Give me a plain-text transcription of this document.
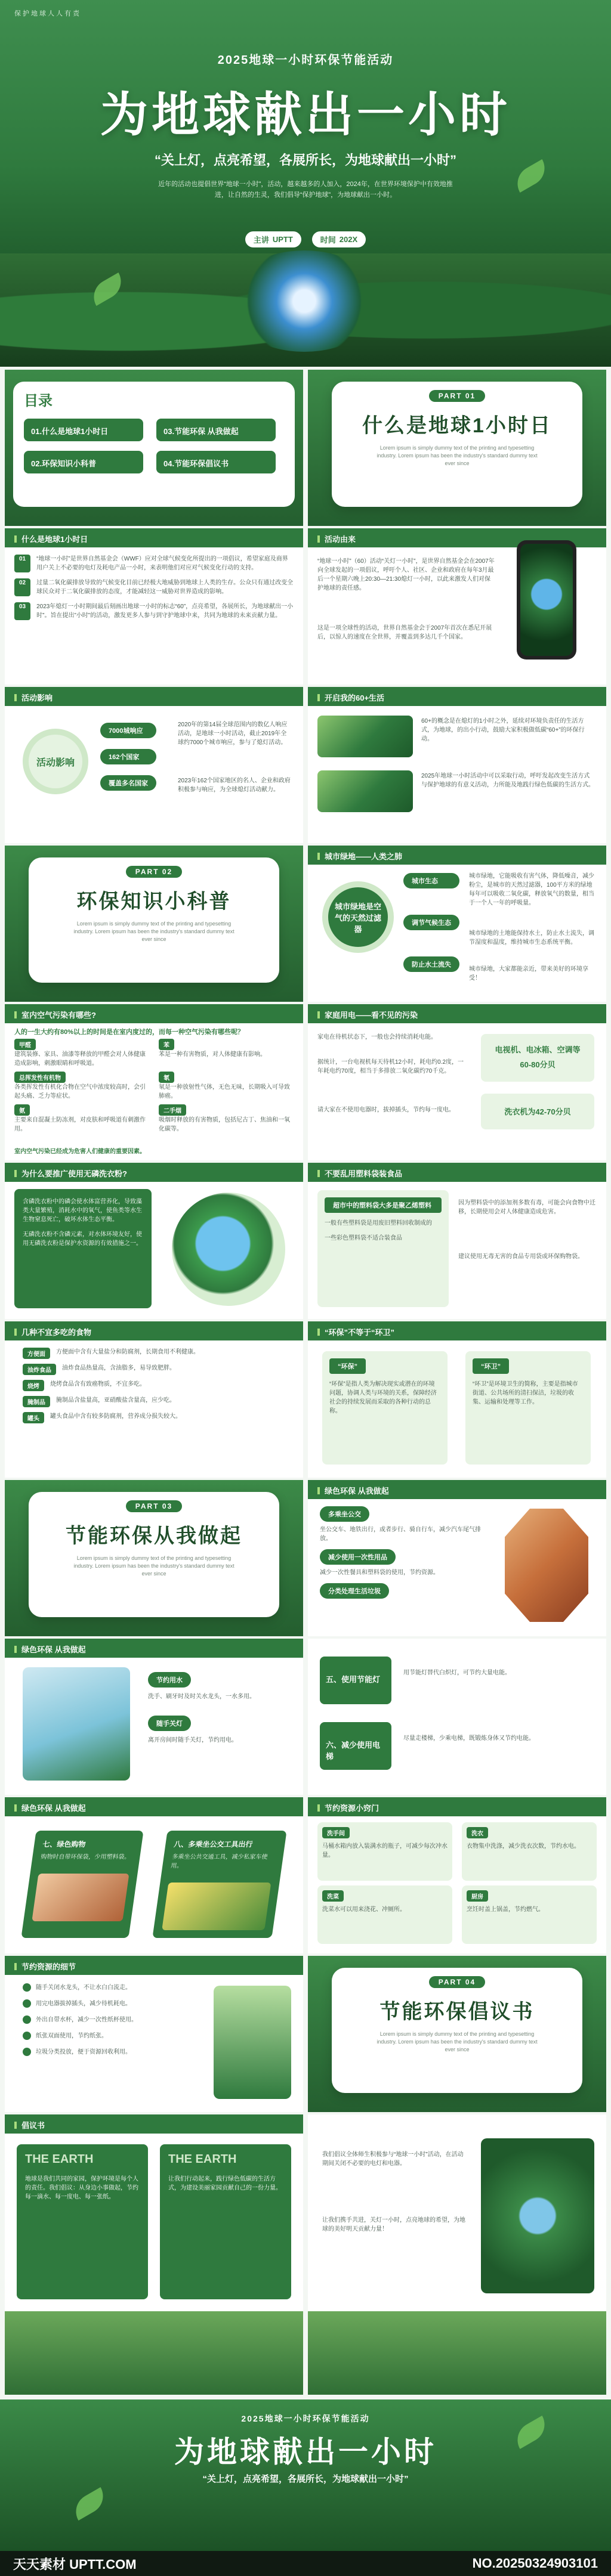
保护地球人人有责
2025地球一小时环保节能活动
为地球献出一小时
“关上灯，点亮希望，各展所长，为地球献出一小时”
近年的活动也提倡世界“地球一小时”，活动，越来越多的人加入，2024年，在世界环境保护中有效地推进，让自然的生灵，我们倡导“保护地球”，为地球献出一小时。
主讲 UPTT	时间 202X
目录
01.什么是地球1小时日	03.节能环保 从我做起
02.环保知识小科普	04.节能环保倡议书
PART 01
什么是地球1小时日
Lorem ipsum is simply dummy text of the printing and typesetting industry. Lorem ipsum has been the industry's standard dummy text ever since
什么是地球1小时日
01	“地球一小时”是世界自然基金会（WWF）应对全球气候变化所提出的一项倡议，希望家庭及商界用户关上不必要的电灯及耗电产品一小时，来表明他们对应对气候变化行动的支持。
02	过量二氧化碳排放导致的气候变化目前已经极大地威胁到地球上人类的生存。公众只有通过改变全球民众对于二氧化碳排放的态度，才能减轻这一威胁对世界造成的影响。
03	2023年熄灯一小时期间最后刻画出地球一小时的标志“60”，点亮希望，各展所长，为地球献出一小时”。旨在提出”小时”的活动，激发更多人参与到守护地球中来，共同为地球的未来贡献力量。
活动由来
“地球一小时”（60）活动“关灯一小时”，是世界自然基金会在2007年向全球发起的一项倡议，呼吁个人、社区、企业和政府在每年3月最后一个星期六晚上20:30—21:30熄灯一小时，以此来激发人们对保护地球的责任感。
这是一项全球性的活动，世界自然基金会于2007年首次在悉尼开展后，以惊人的速度在全世界，并覆盖到多达几千个国家。
活动影响
活动影响
7000城响应
162个国家
覆盖多名国家
2020年的第14届全球范围内的数亿人响应活动，是地球一小时活动，截止2019年全球约7000个城市响应，参与了熄灯活动。
2023年162个国家地区的名人、企业和政府积极参与响应，为全球熄灯活动献力。
开启我的60+生活
60+的概念是在熄灯的1小时之外，延续对环境负责任的生活方式，为地球，的出小行动，鼓励大家积极做低碳“60+”的环保行动。
2025年地球一小时活动中可以采取行动，呼吁发起改变生活方式与保护地球的有意义活动，力所能及地践行绿色低碳的生活方式。
PART 02
环保知识小科普
Lorem ipsum is simply dummy text of the printing and typesetting industry. Lorem ipsum has been the industry's standard dummy text ever since
城市绿地——人类之肺
城市绿地是空气的天然过滤器
城市生态
调节气候生态
防止水土流失
城市绿地，它能吸收有害气体，降低噪音，减少粉尘，是城市的天然过滤器，100平方米的绿地每年可以吸收二氧化碳，释放氧气的数量，相当于一个人一年的呼吸量。
城市绿地的土地能保持水土，防止水土流失，调节湿度和温度，维持城市生态系统平衡。
城市绿地，大家都能亲近，带来美好的环境享受！
室内空气污染有哪些?
人的一生大约有80%以上的时间是在室内度过的，而每一种空气污染有哪些呢？
甲醛
建筑装修、家具、油漆等释放的甲醛会对人体健康造成影响，刺激眼睛和呼吸道。
苯
苯是一种有害物质，对人体健康有影响。
总挥发性有机物
各类挥发性有机化合物在空气中浓度较高时，会引起头痛、乏力等症状。
氡
氡是一种放射性气体，无色无味，长期吸入可导致肺癌。
氨
主要来自混凝土防冻剂，对皮肤和呼吸道有刺激作用。
二手烟
吸烟时释放的有害物质，包括尼古丁、焦油和一氧化碳等。
室内空气污染已经成为危害人们健康的重要因素。
家庭用电——看不见的污染
家电在待机状态下，一般也会持续消耗电能。
据统计，一台电视机每天待机12小时，耗电约0.2度，一年耗电约70度，相当于多排放二氧化碳约70千克。
请大家在不使用电器时，拔掉插头，节约每一度电。
电视机、电冰箱、空调等
60-80分贝
洗衣机为42-70分贝
为什么要推广使用无磷洗衣粉?
含磷洗衣粉中的磷会使水体富营养化，导致藻类大量繁殖，消耗水中的氧气，使鱼类等水生生物窒息死亡，破坏水体生态平衡。
无磷洗衣粉不含磷元素，对水体环境友好，使用无磷洗衣粉是保护水资源的有效措施之一。
不要乱用塑料袋装食品
超市中的塑料袋大多是聚乙烯塑料
一般有些塑料袋是用废旧塑料回收制成的
一些彩色塑料袋不适合装食品
因为塑料袋中的添加剂多数有毒，可能会向食物中迁移，长期使用会对人体健康造成危害。
建议使用无毒无害的食品专用袋或环保购物袋。
几种不宜多吃的食物
方便面	方便面中含有大量盐分和防腐剂，长期食用不利健康。
油炸食品	油炸食品热量高，含油脂多，易导致肥胖。
烧烤	烧烤食品含有致癌物质，不宜多吃。
腌制品	腌制品含盐量高，亚硝酸盐含量高，应少吃。
罐头	罐头食品中含有较多防腐剂，营养成分损失较大。
“环保”不等于“环卫”
“环保”
“环保”是指人类为解决现实或潜在的环境问题，协调人类与环境的关系，保障经济社会的持续发展而采取的各种行动的总称。
“环卫”
“环卫”是环境卫生的简称，主要是指城市街道、公共场所的清扫保洁，垃圾的收集、运输和处理等工作。
PART 03
节能环保从我做起
Lorem ipsum is simply dummy text of the printing and typesetting industry. Lorem ipsum has been the industry's standard dummy text ever since
绿色环保 从我做起
多乘坐公交
坐公交车、地铁出行，或者步行、骑自行车，减少汽车尾气排放。
减少使用一次性用品
减少一次性餐具和塑料袋的使用，节约资源。
分类处理生活垃圾
绿色环保 从我做起
节约用水
洗手、刷牙时及时关水龙头，一水多用。
随手关灯
离开房间时随手关灯，节约用电。
五、使用节能灯
用节能灯替代白炽灯，可节约大量电能。
六、减少使用电梯
尽量走楼梯，少乘电梯，既锻炼身体又节约电能。
绿色环保 从我做起
七、绿色购物
购物时自带环保袋，少用塑料袋。
八、多乘坐公交工具出行
多乘坐公共交通工具，减少私家车使用。
节约资源小窍门
洗手间
马桶水箱内放入装满水的瓶子，可减少每次冲水量。
洗衣
衣物集中洗涤，减少洗衣次数，节约水电。
洗菜
洗菜水可以用来浇花、冲厕所。
厨房
烹饪时盖上锅盖，节约燃气。
节约资源的细节
随手关闭水龙头，不让水白白流走。
用完电器拔掉插头，减少待机耗电。
外出自带水杯，减少一次性纸杯使用。
纸张双面使用，节约纸张。
垃圾分类投放，便于资源回收利用。
PART 04
节能环保倡议书
Lorem ipsum is simply dummy text of the printing and typesetting industry. Lorem ipsum has been the industry's standard dummy text ever since
倡议书
THE EARTH
地球是我们共同的家园，保护环境是每个人的责任。我们倡议：从身边小事做起，节约每一滴水、每一度电、每一张纸。
THE EARTH
让我们行动起来，践行绿色低碳的生活方式，为建设美丽家园贡献自己的一份力量。
我们倡议全体师生积极参与“地球一小时”活动，在活动期间关闭不必要的电灯和电器。
让我们携手共进，关灯一小时，点亮地球的希望，为地球的美好明天贡献力量！
2025地球一小时环保节能活动
为地球献出一小时
“关上灯，点亮希望，各展所长，为地球献出一小时”
天天素材 UPTT.COM	NO.20250324903101
